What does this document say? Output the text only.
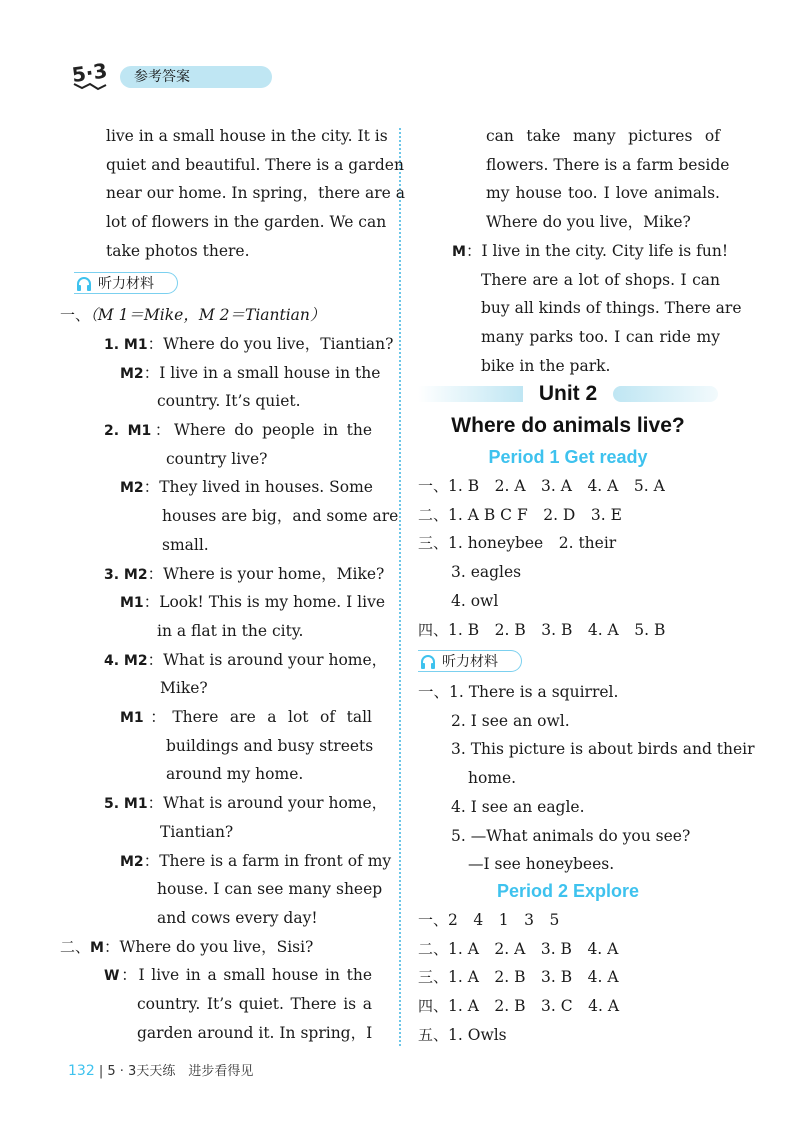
5·3	参考答案
live in a small house in the city. It is
quiet and beautiful. There is a garden
near our home. In spring，there are a
lot of flowers in the garden. We can
take photos there.
听力材料
一、（M 1＝Mike，M 2＝Tiantian）
1. M1：Where do you live，Tiantian?
M2：I live in a small house in the
country. It’s quiet.
2. M1：Where do people in the
country live?
M2：They lived in houses. Some
houses are big，and some are
small.
3. M2：Where is your home，Mike?
M1：Look! This is my home. I live
in a flat in the city.
4. M2：What is around your home，
Mike?
M1：There are a lot of tall
buildings and busy streets
around my home.
5. M1：What is around your home，
Tiantian?
M2：There is a farm in front of my
house. I can see many sheep
and cows every day!
二、M：Where do you live，Sisi?
W：I live in a small house in the
country. It’s quiet. There is a
garden around it. In spring，I
can take many pictures of
flowers. There is a farm beside
my house too. I love animals.
Where do you live，Mike?
M：I live in the city. City life is fun!
There are a lot of shops. I can
buy all kinds of things. There are
many parks too. I can ride my
bike in the park.
Unit 2
Where do animals live?
Period 1 Get ready
一、1. B　2. A　3. A　4. A　5. A
二、1. A B C F　2. D　3. E
三、1. honeybee　2. their
3. eagles
4. owl
四、1. B　2. B　3. B　4. A　5. B
听力材料
一、1. There is a squirrel.
2. I see an owl.
3. This picture is about birds and their
home.
4. I see an eagle.
5. —What animals do you see?
—I see honeybees.
Period 2 Explore
一、2　4　1　3　5
二、1. A　2. A　3. B　4. A
三、1. A　2. B　3. B　4. A
四、1. A　2. B　3. C　4. A
五、1. Owls
132 | 5 · 3天天练　进步看得见
